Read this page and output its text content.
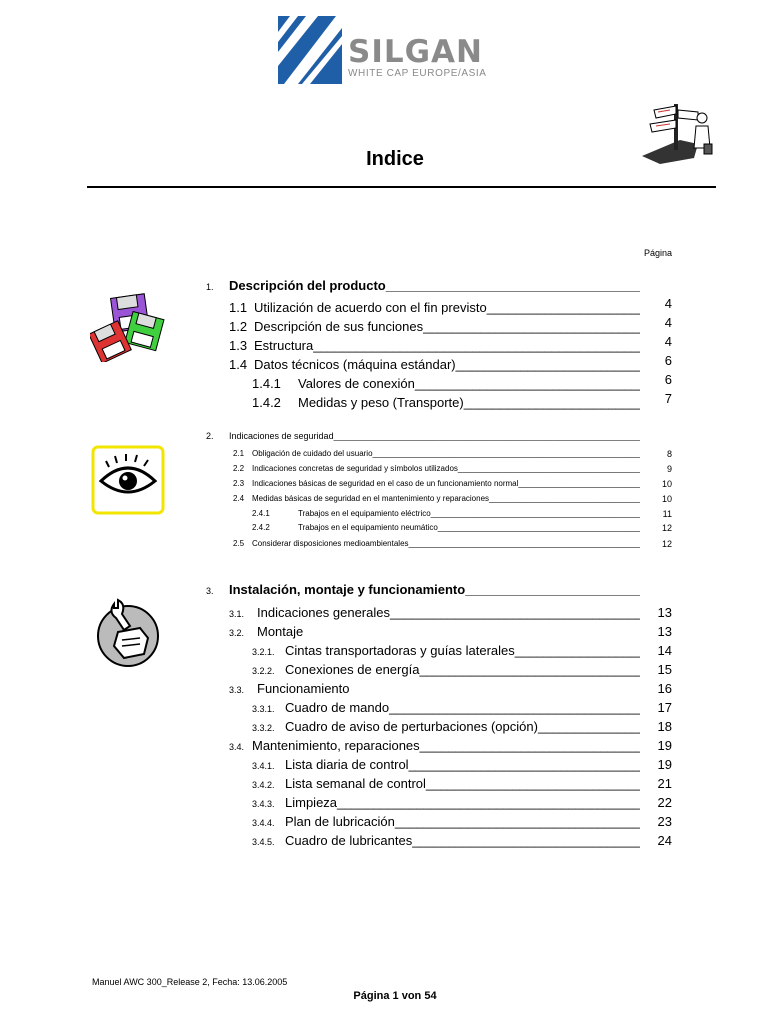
SILGAN
WHITE CAP EUROPE/ASIA
Indice
Página
1. Descripción del producto _____
1.1 Utilización de acuerdo con el fin previsto _____	4
1.2 Descripción de sus funciones _____	4
1.3 Estructura _____	4
1.4 Datos técnicos (máquina estándar) _____	6
1.4.1 Valores de conexión _____	6
1.4.2 Medidas y peso (Transporte) _____	7
2. Indicaciones de seguridad _____
2.1 Obligación de cuidado del usuario _____	8
2.2 Indicaciones concretas de seguridad y símbolos utilizados _____	9
2.3 Indicaciones básicas de seguridad en el caso de un funcionamiento normal _____	10
2.4 Medidas básicas de seguridad en el mantenimiento y reparaciones _____	10
2.4.1	Trabajos en el equipamiento eléctrico _____	11
2.4.2	Trabajos en el equipamiento neumático _____	12
2.5 Considerar disposiciones medioambientales _____	12
3. Instalación, montaje y funcionamiento _____
3.1. Indicaciones generales _____	13
3.2. Montaje	13
3.2.1. Cintas transportadoras y guías laterales _____	14
3.2.2. Conexiones de energía _____	15
3.3. Funcionamiento	16
3.3.1. Cuadro de mando _____	17
3.3.2. Cuadro de aviso de perturbaciones (opción) _____	18
3.4. Mantenimiento, reparaciones _____	19
3.4.1. Lista diaria de control _____	19
3.4.2. Lista semanal de control _____	21
3.4.3. Limpieza _____	22
3.4.4. Plan de lubricación _____	23
3.4.5. Cuadro de lubricantes _____	24
Manuel AWC 300_Release 2, Fecha: 13.06.2005
Página 1 von 54
